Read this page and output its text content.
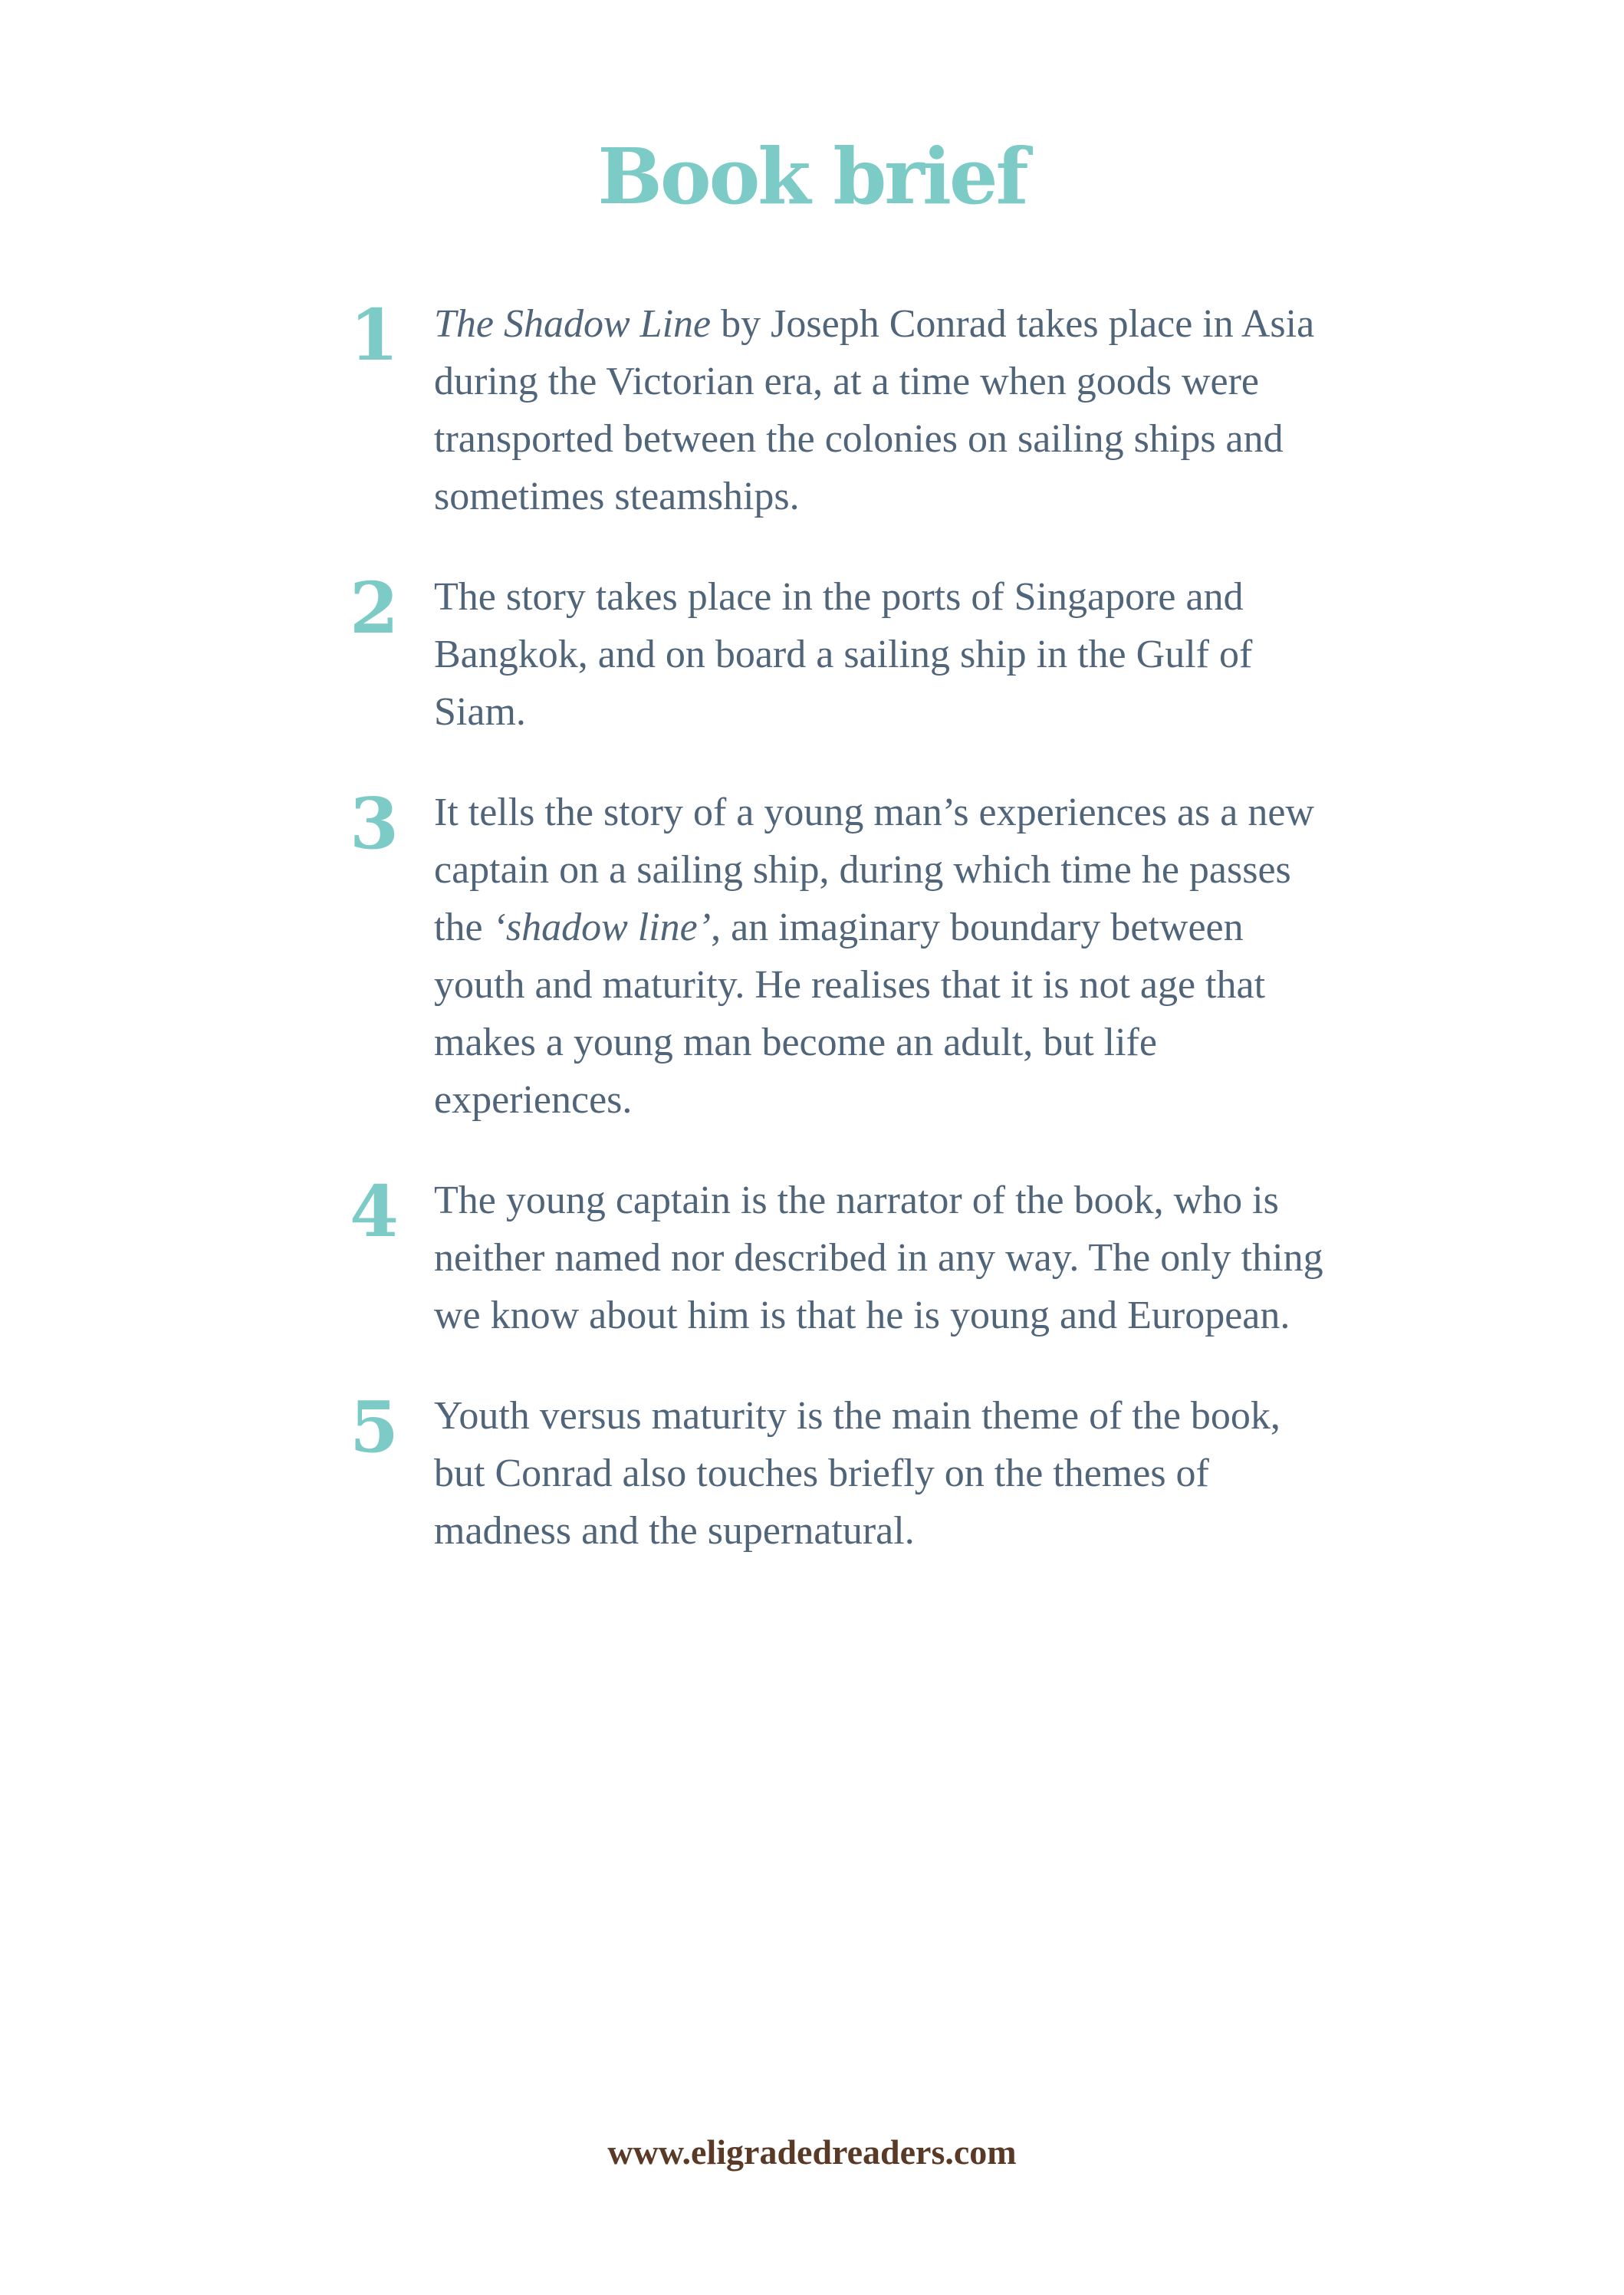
Book brief
1 The Shadow Line by Joseph Conrad takes place in Asia during the Victorian era, at a time when goods were transported between the colonies on sailing ships and sometimes steamships.

2 The story takes place in the ports of Singapore and Bangkok, and on board a sailing ship in the Gulf of Siam.

3 It tells the story of a young man’s experiences as a new captain on a sailing ship, during which time he passes the ‘shadow line’, an imaginary boundary between youth and maturity. He realises that it is not age that makes a young man become an adult, but life experiences.

4 The young captain is the narrator of the book, who is neither named nor described in any way. The only thing we know about him is that he is young and European.

5 Youth versus maturity is the main theme of the book, but Conrad also touches briefly on the themes of madness and the supernatural.

www.eligradedreaders.com
